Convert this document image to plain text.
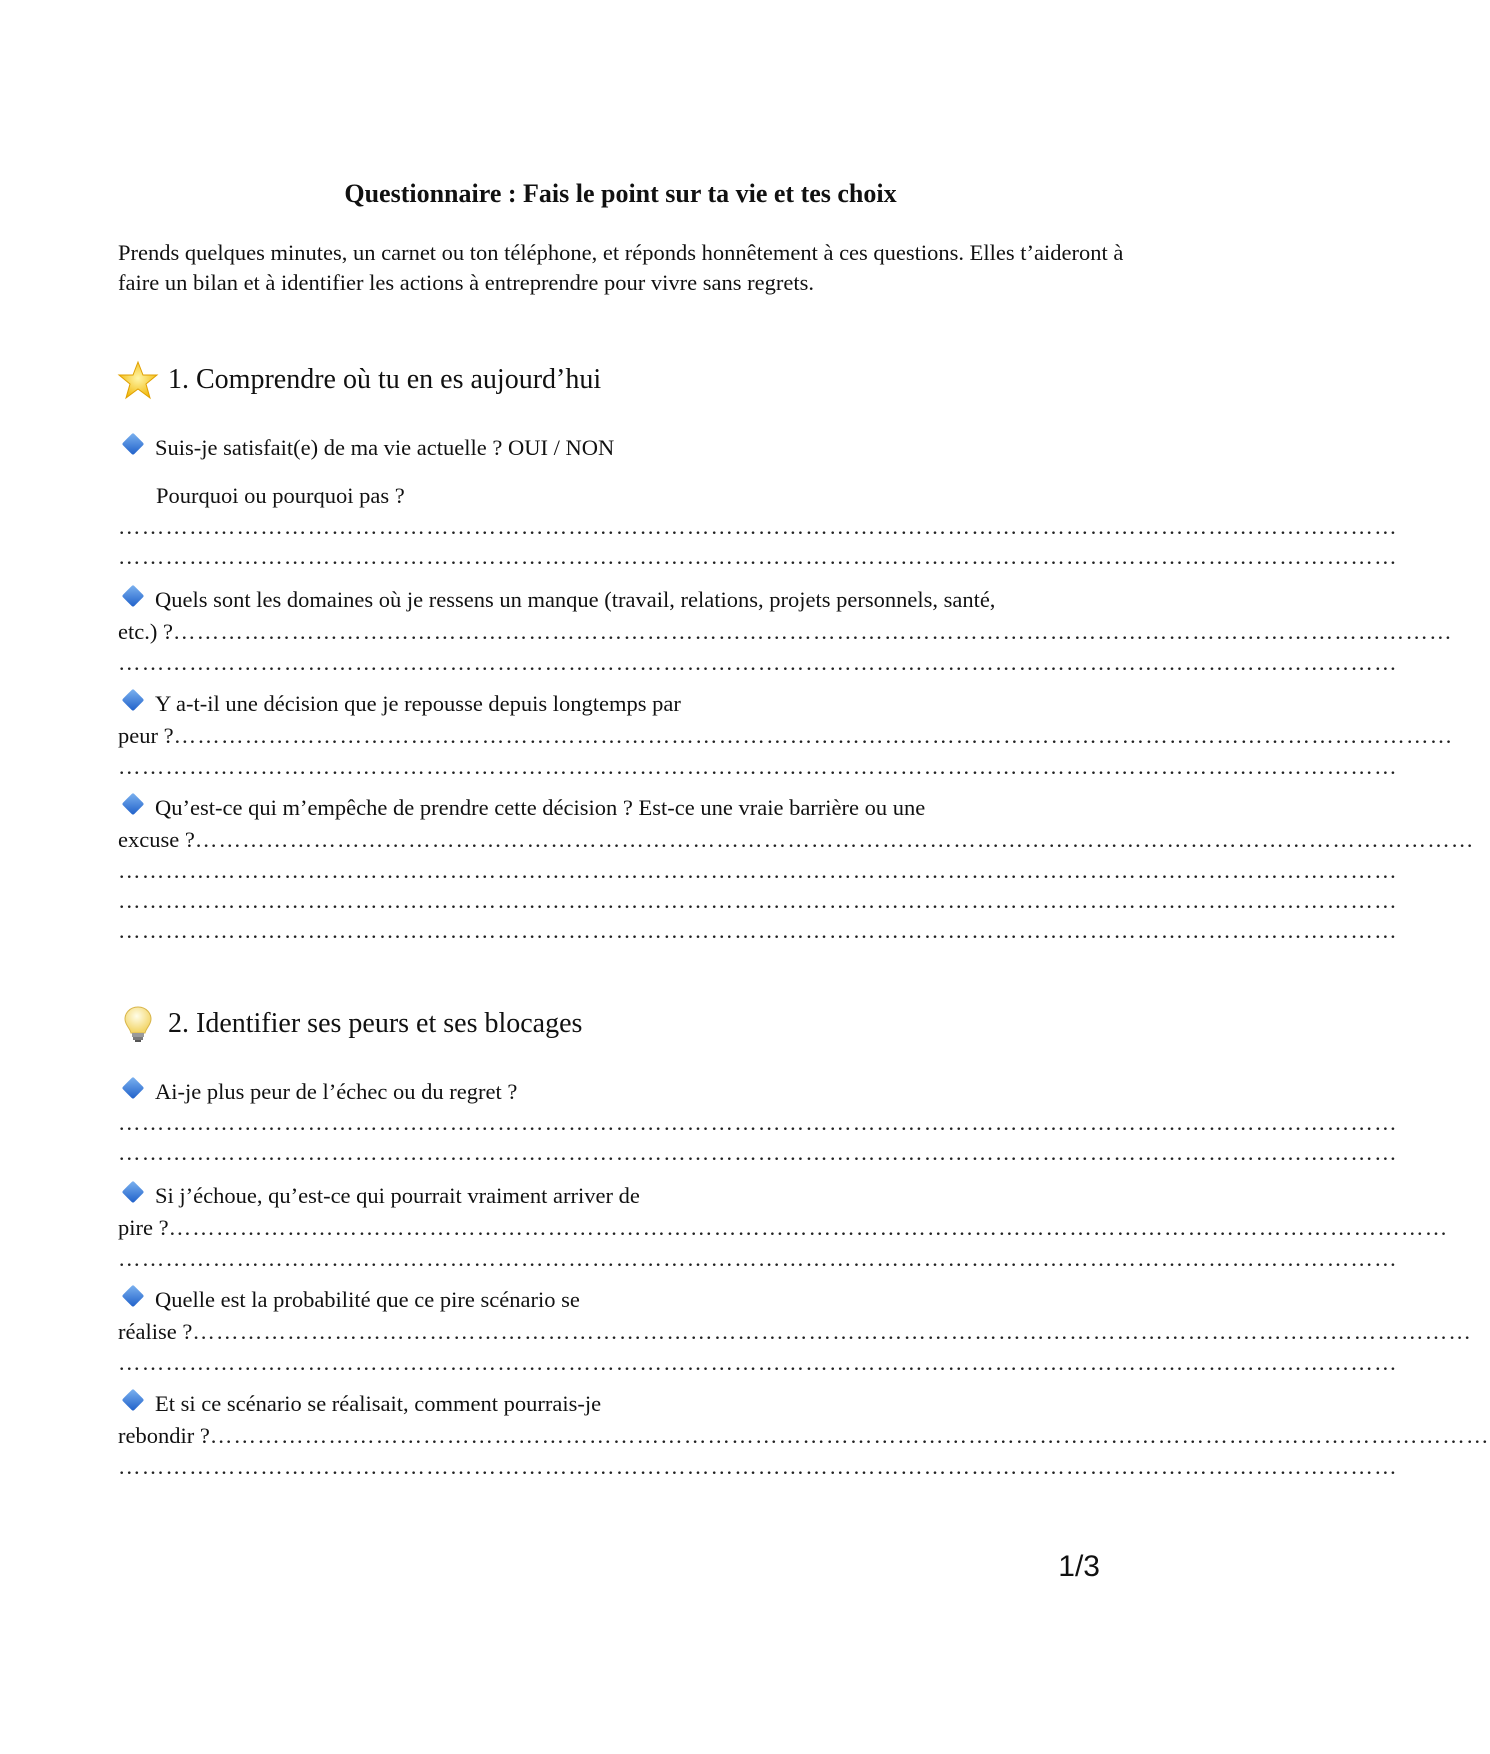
Questionnaire : Fais le point sur ta vie et tes choix
Prends quelques minutes, un carnet ou ton téléphone, et réponds honnêtement à ces questions. Elles t’aideront à faire un bilan et à identifier les actions à entreprendre pour vivre sans regrets.
1. Comprendre où tu en es aujourd’hui
Suis-je satisfait(e) de ma vie actuelle ? OUI / NON
Pourquoi ou pourquoi pas ?
………………………………………………………………………………………………………………………………………………
………………………………………………………………………………………………………………………………………………
Quels sont les domaines où je ressens un manque (travail, relations, projets personnels, santé,
etc.) ? ………………………………………………………………………………………………………………………………………………
………………………………………………………………………………………………………………………………………………
Y a-t-il une décision que je repousse depuis longtemps par
peur ? ………………………………………………………………………………………………………………………………………………
………………………………………………………………………………………………………………………………………………
Qu’est-ce qui m’empêche de prendre cette décision ? Est-ce une vraie barrière ou une
excuse ? ………………………………………………………………………………………………………………………………………………
………………………………………………………………………………………………………………………………………………
………………………………………………………………………………………………………………………………………………
………………………………………………………………………………………………………………………………………………
2. Identifier ses peurs et ses blocages
Ai-je plus peur de l’échec ou du regret ?
………………………………………………………………………………………………………………………………………………
………………………………………………………………………………………………………………………………………………
Si j’échoue, qu’est-ce qui pourrait vraiment arriver de
pire ? ………………………………………………………………………………………………………………………………………………
………………………………………………………………………………………………………………………………………………
Quelle est la probabilité que ce pire scénario se
réalise ? ………………………………………………………………………………………………………………………………………………
………………………………………………………………………………………………………………………………………………
Et si ce scénario se réalisait, comment pourrais-je
rebondir ? ………………………………………………………………………………………………………………………………………………
………………………………………………………………………………………………………………………………………………
1/3
